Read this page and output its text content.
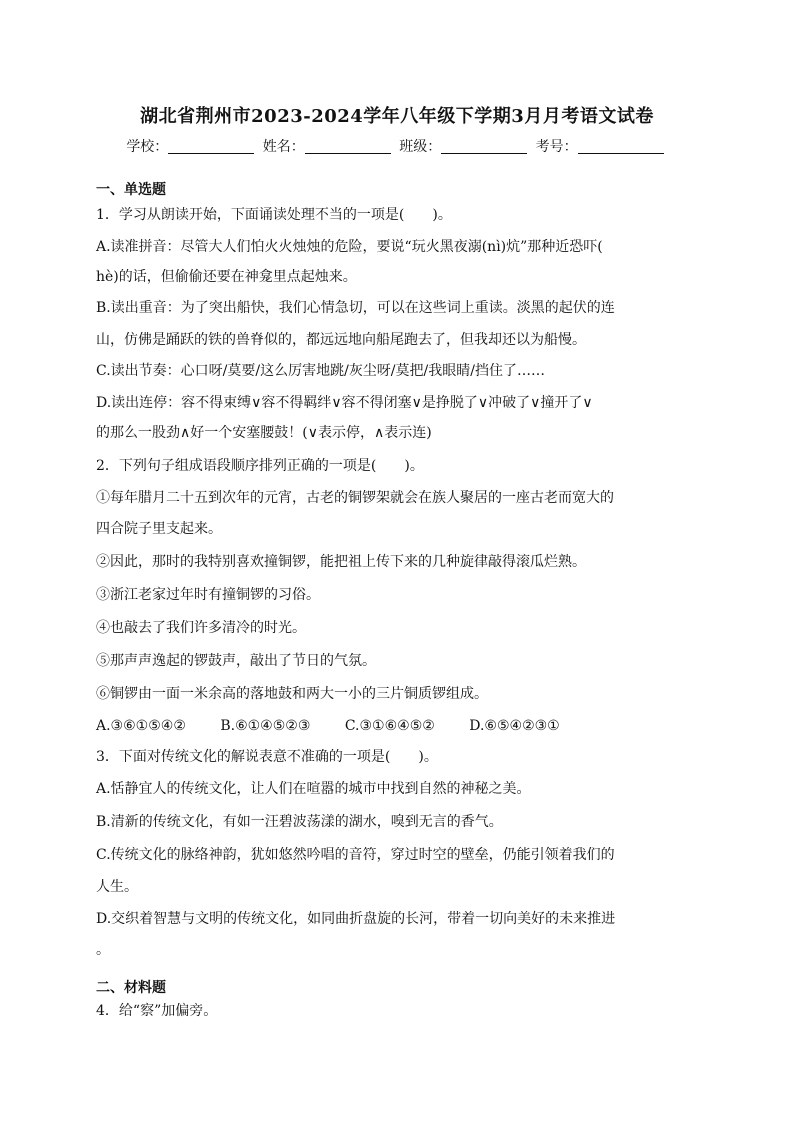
湖北省荆州市2023-2024学年八年级下学期3月月考语文试卷
学校：	姓名：	班级：	考号：
一、单选题
1．学习从朗读开始，下面诵读处理不当的一项是(　　)。
A.读准拼音：尽管大人们怕火火烛烛的危险，要说“玩火黑夜溺(nì)炕”那种近恐吓(
hè)的话，但偷偷还要在神龛里点起烛来。
B.读出重音：为了突出船快，我们心情急切，可以在这些词上重读。淡黑的起伏的连
山，仿佛是踊跃的铁的兽脊似的，都远远地向船尾跑去了，但我却还以为船慢。
C.读出节奏：心口呀/莫要/这么厉害地跳/灰尘呀/莫把/我眼睛/挡住了……
D.读出连停：容不得束缚∨容不得羁绊∨容不得闭塞∨是挣脱了∨冲破了∨撞开了∨
的那么一股劲∧好一个安塞腰鼓！(∨表示停，∧表示连)
2．下列句子组成语段顺序排列正确的一项是(　　)。
①每年腊月二十五到次年的元宵，古老的铜锣架就会在族人聚居的一座古老而宽大的
四合院子里支起来。
②因此，那时的我特别喜欢撞铜锣，能把祖上传下来的几种旋律敲得滚瓜烂熟。
③浙江老家过年时有撞铜锣的习俗。
④也敲去了我们许多清冷的时光。
⑤那声声逸起的锣鼓声，敲出了节日的气氛。
⑥铜锣由一面一米余高的落地鼓和两大一小的三片铜质锣组成。
A.③⑥①⑤④② B.⑥①④⑤②③ C.③①⑥④⑤② D.⑥⑤④②③①
3．下面对传统文化的解说表意不准确的一项是(　　)。
A.恬静宜人的传统文化，让人们在喧嚣的城市中找到自然的神秘之美。
B.清新的传统文化，有如一汪碧波荡漾的湖水，嗅到无言的香气。
C.传统文化的脉络神韵，犹如悠然吟唱的音符，穿过时空的壁垒，仍能引领着我们的
人生。
D.交织着智慧与文明的传统文化，如同曲折盘旋的长河，带着一切向美好的未来推进
。
二、材料题
4．给“察”加偏旁。
